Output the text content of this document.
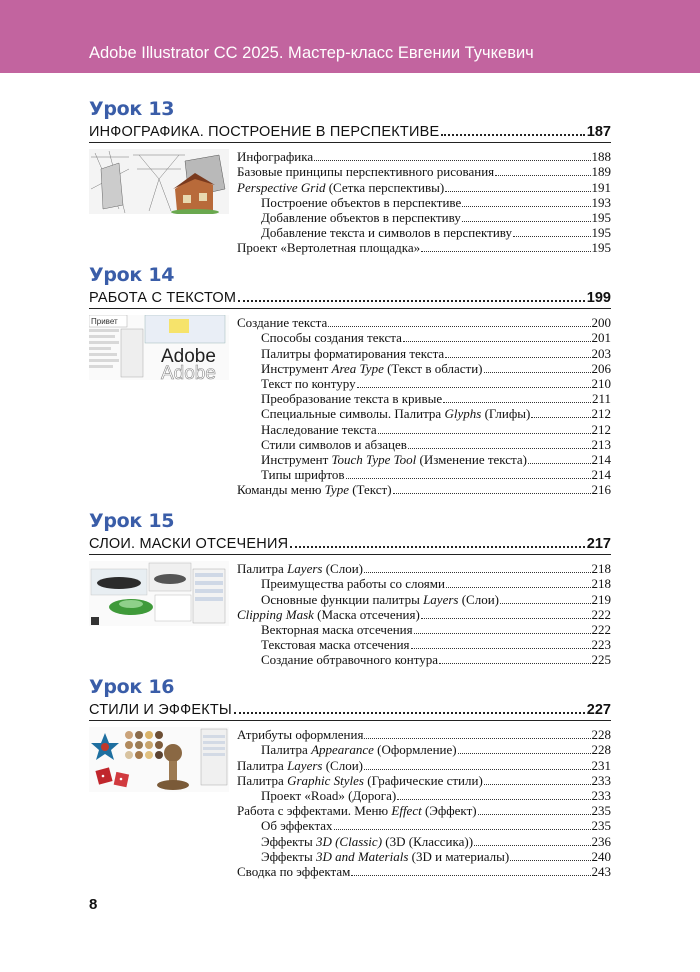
Adobe Illustrator CC 2025. Мастер-класс Евгении Тучкевич
Урок 13
ИНФОГРАФИКА. ПОСТРОЕНИЕ В ПЕРСПЕКТИВЕ	187
Инфографика	188
Базовые принципы перспективного рисования	189
Perspective Grid (Сетка перспективы)	191
Построение объектов в перспективе	193
Добавление объектов в перспективу	195
Добавление текста и символов в перспективу	195
Проект «Вертолетная площадка»	195
Урок 14
РАБОТА С ТЕКСТОМ	199
Привет
Adobe
Adobe
Создание текста	200
Способы создания текста	201
Палитры форматирования текста	203
Инструмент Area Type (Текст в области)	206
Текст по контуру	210
Преобразование текста в кривые	211
Специальные символы. Палитра Glyphs (Глифы)	212
Наследование текста	212
Стили символов и абзацев	213
Инструмент Touch Type Tool (Изменение текста)	214
Типы шрифтов	214
Команды меню Type (Текст)	216
Урок 15
СЛОИ. МАСКИ ОТСЕЧЕНИЯ	217
Палитра Layers (Слои)	218
Преимущества работы со слоями	218
Основные функции палитры Layers (Слои)	219
Clipping Mask (Маска отсечения)	222
Векторная маска отсечения	222
Текстовая маска отсечения	223
Создание обтравочного контура	225
Урок 16
СТИЛИ И ЭФФЕКТЫ	227
Атрибуты оформления	228
Палитра Appearance (Оформление)	228
Палитра Layers (Слои)	231
Палитра Graphic Styles (Графические стили)	233
Проект «Road» (Дорога)	233
Работа с эффектами. Меню Effect (Эффект)	235
Об эффектах	235
Эффекты 3D (Classic) (3D (Классика))	236
Эффекты 3D and Materials (3D и материалы)	240
Сводка по эффектам	243
8
